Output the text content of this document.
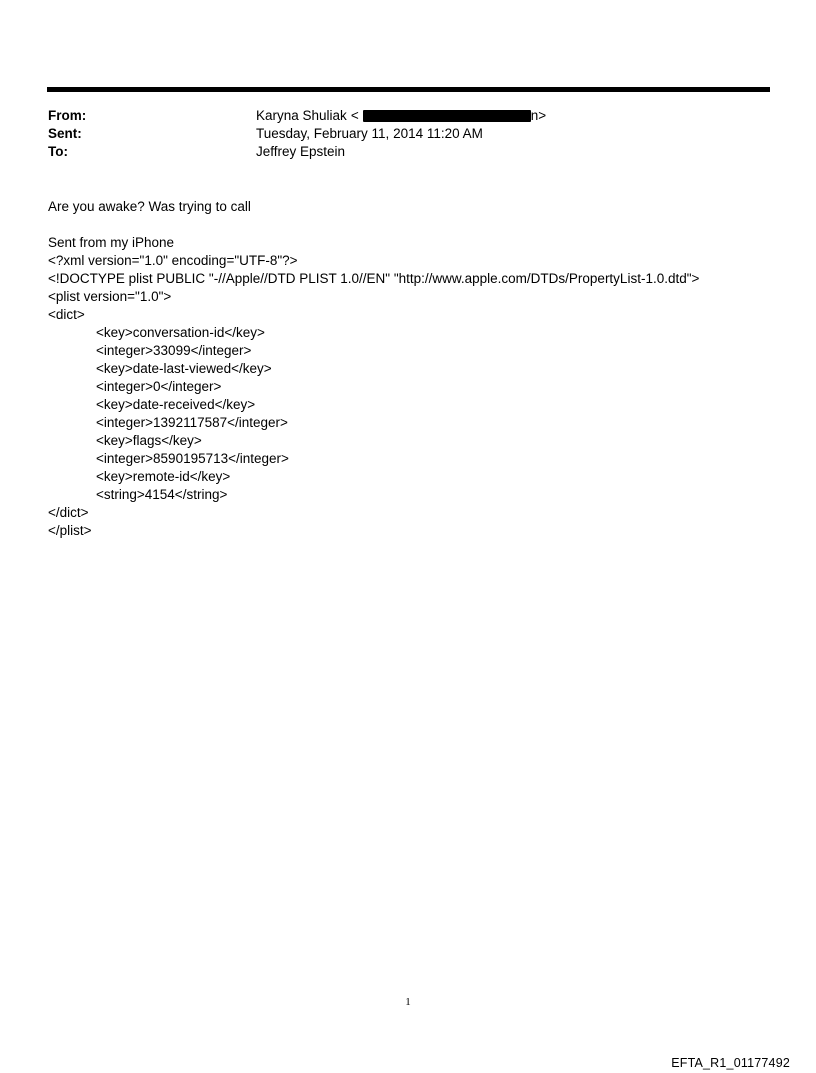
From:	Karyna Shuliak <	n>
Sent:	Tuesday, February 11, 2014 11:20 AM
To:	Jeffrey Epstein
Are you awake? Was trying to call
Sent from my iPhone
<?xml version="1.0" encoding="UTF-8"?>
<!DOCTYPE plist PUBLIC "-//Apple//DTD PLIST 1.0//EN" "http://www.apple.com/DTDs/PropertyList-1.0.dtd">
<plist version="1.0">
<dict>
<key>conversation-id</key>
<integer>33099</integer>
<key>date-last-viewed</key>
<integer>0</integer>
<key>date-received</key>
<integer>1392117587</integer>
<key>flags</key>
<integer>8590195713</integer>
<key>remote-id</key>
<string>4154</string>
</dict>
</plist>
1
EFTA_R1_01177492
